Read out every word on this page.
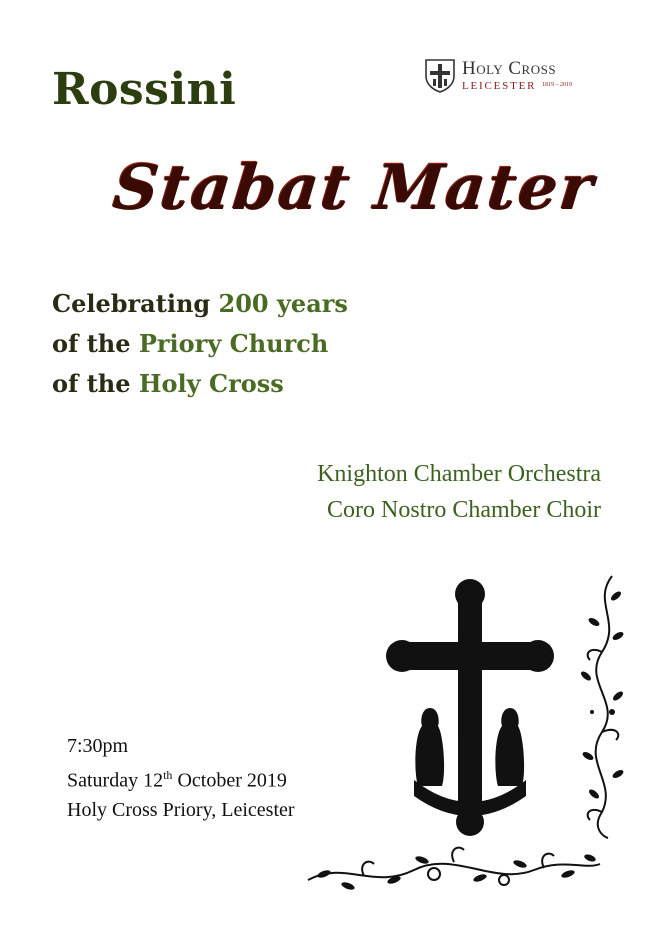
Holy Cross
LEICESTER 1819 – 2019
Rossini
Stabat Mater
Celebrating 200 years
of the Priory Church
of the Holy Cross
Knighton Chamber Orchestra
Coro Nostro Chamber Choir
7:30pm
Saturday 12th October 2019
Holy Cross Priory, Leicester
